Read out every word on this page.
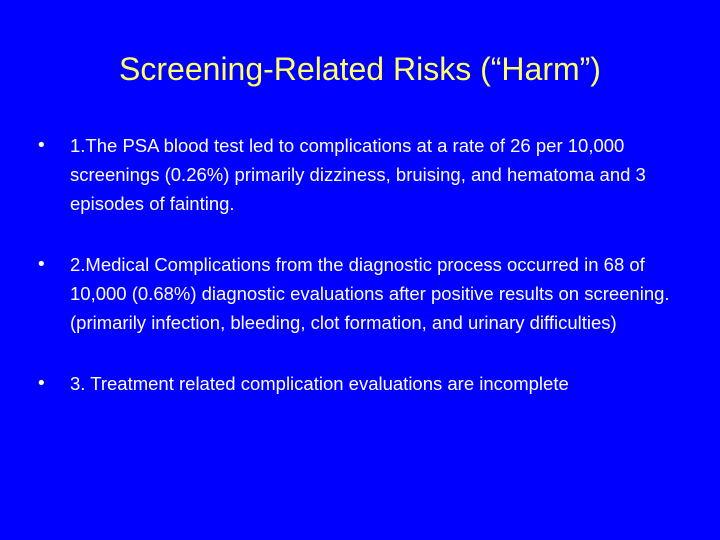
Screening-Related Risks (“Harm”)
•	1.The PSA blood test led to complications at a rate of 26 per 10,000 screenings (0.26%) primarily dizziness, bruising, and hematoma and 3 episodes of fainting.
•	2.Medical Complications from the diagnostic process occurred in 68 of 10,000 (0.68%) diagnostic evaluations after positive results on screening. (primarily infection, bleeding, clot formation, and urinary difficulties)
•	3. Treatment related complication evaluations are incomplete
